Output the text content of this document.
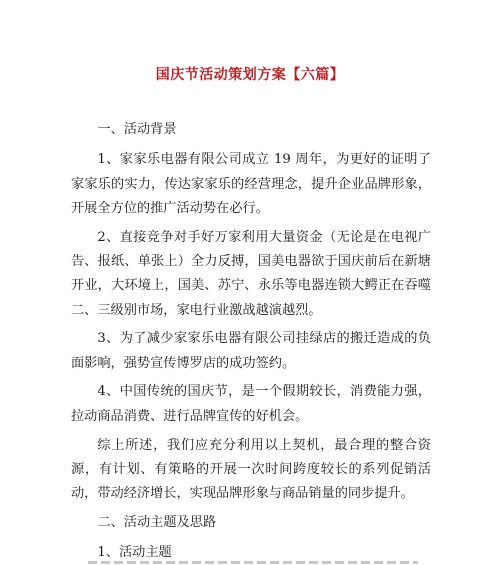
国庆节活动策划方案【六篇】

一、活动背景

1、家家乐电器有限公司成立 19 周年，为更好的证明了家家乐的实力，传达家家乐的经营理念，提升企业品牌形象，开展全方位的推广活动势在必行。

2、直接竞争对手好万家利用大量资金（无论是在电视广告、报纸、单张上）全力反搏，国美电器欲于国庆前后在新塘开业，大环境上，国美、苏宁、永乐等电器连锁大鳄正在吞噬二、三级别市场，家电行业激战越演越烈。

3、为了减少家家乐电器有限公司挂绿店的搬迁造成的负面影响，强势宣传博罗店的成功签约。

4、中国传统的国庆节，是一个假期较长，消费能力强，拉动商品消费、进行品牌宣传的好机会。

综上所述，我们应充分利用以上契机，最合理的整合资源，有计划、有策略的开展一次时间跨度较长的系列促销活动，带动经济增长，实现品牌形象与商品销量的同步提升。

二、活动主题及思路

1、活动主题
